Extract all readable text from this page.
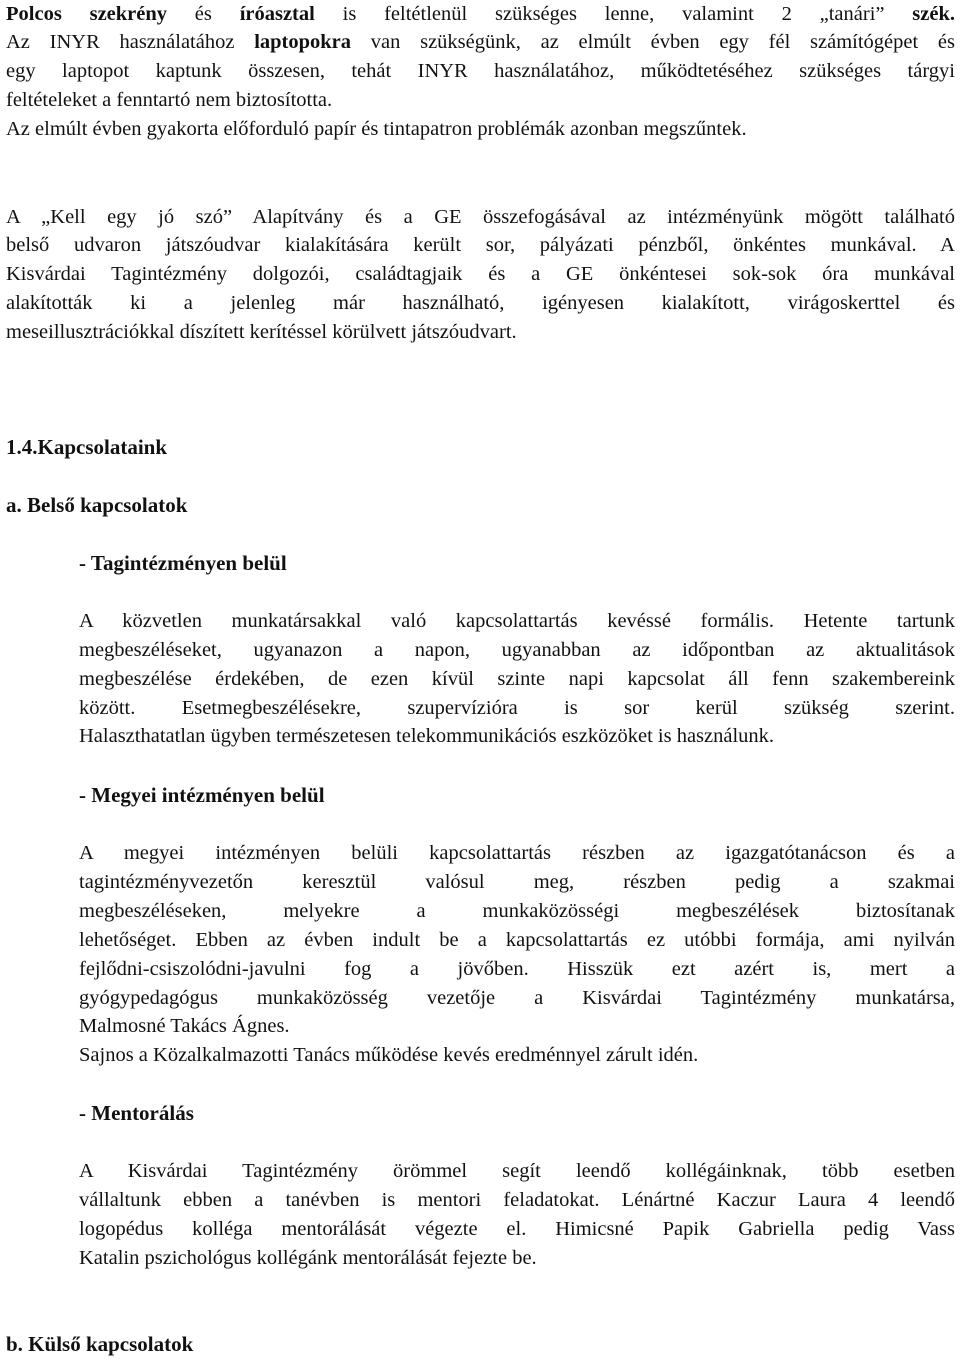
Polcos szekrény és íróasztal is feltétlenül szükséges lenne, valamint 2 „tanári” szék.

Az INYR használatához laptopokra van szükségünk, az elmúlt évben egy fél számítógépet és

egy laptopot kaptunk összesen, tehát INYR használatához, működtetéséhez szükséges tárgyi

feltételeket a fenntartó nem biztosította.

Az elmúlt évben gyakorta előforduló papír és tintapatron problémák azonban megszűntek.

A „Kell egy jó szó” Alapítvány és a GE összefogásával az intézményünk mögött található

belső udvaron játszóudvar kialakítására került sor, pályázati pénzből, önkéntes munkával. A

Kisvárdai Tagintézmény dolgozói, családtagjaik és a GE önkéntesei sok-sok óra munkával

alakították ki a jelenleg már használható, igényesen kialakított, virágoskerttel és

meseillusztrációkkal díszített kerítéssel körülvett játszóudvart.

1.4.Kapcsolataink

a. Belső kapcsolatok

- Tagintézményen belül

A közvetlen munkatársakkal való kapcsolattartás kevéssé formális. Hetente tartunk

megbeszéléseket, ugyanazon a napon, ugyanabban az időpontban az aktualitások

megbeszélése érdekében, de ezen kívül szinte napi kapcsolat áll fenn szakembereink

között. Esetmegbeszélésekre, szupervízióra is sor kerül szükség szerint.

Halaszthatatlan ügyben természetesen telekommunikációs eszközöket is használunk.

- Megyei intézményen belül

A megyei intézményen belüli kapcsolattartás részben az igazgatótanácson és a

tagintézményvezetőn keresztül valósul meg, részben pedig a szakmai

megbeszéléseken, melyekre a munkaközösségi megbeszélések biztosítanak

lehetőséget. Ebben az évben indult be a kapcsolattartás ez utóbbi formája, ami nyilván

fejlődni-csiszolódni-javulni fog a jövőben. Hisszük ezt azért is, mert a

gyógypedagógus munkaközösség vezetője a Kisvárdai Tagintézmény munkatársa,

Malmosné Takács Ágnes.

Sajnos a Közalkalmazotti Tanács működése kevés eredménnyel zárult idén.

- Mentorálás

A Kisvárdai Tagintézmény örömmel segít leendő kollégáinknak, több esetben

vállaltunk ebben a tanévben is mentori feladatokat. Lénártné Kaczur Laura 4 leendő

logopédus kolléga mentorálását végezte el. Himicsné Papik Gabriella pedig Vass

Katalin pszichológus kollégánk mentorálását fejezte be.

b. Külső kapcsolatok
